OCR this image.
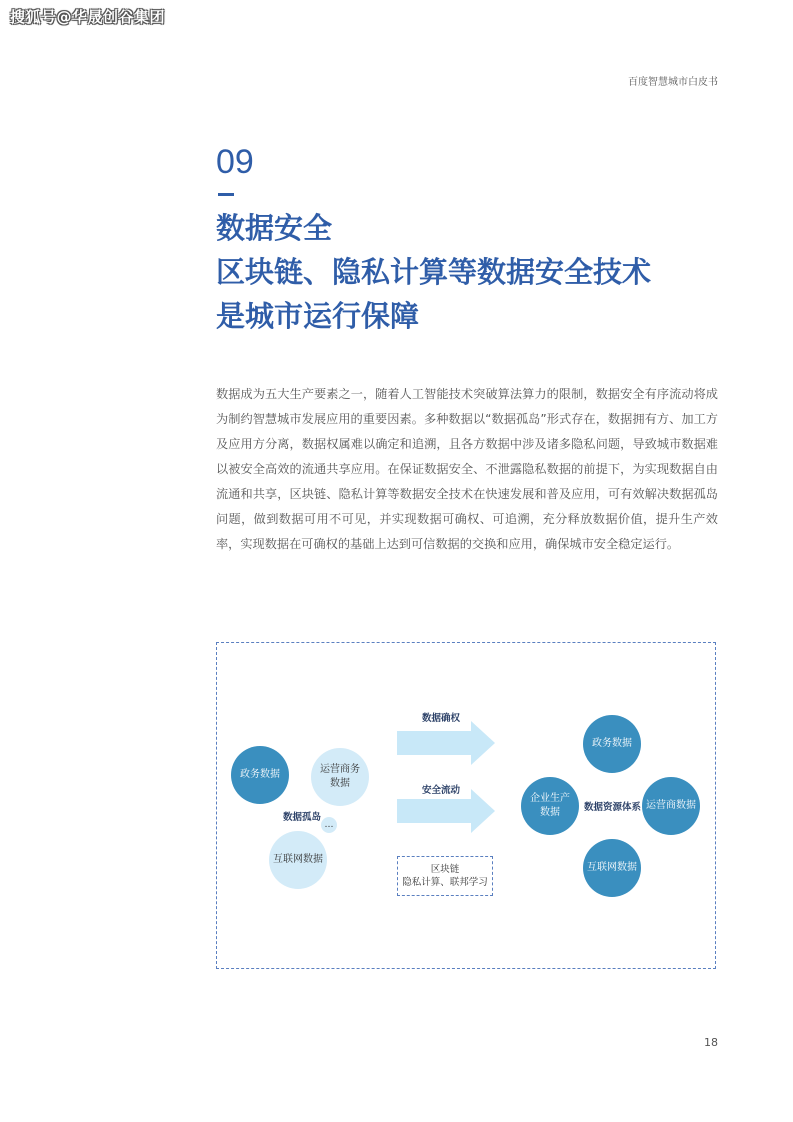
搜狐号@华晟创谷集团
百度智慧城市白皮书
09
数据安全
区块链、隐私计算等数据安全技术
是城市运行保障

数据成为五大生产要素之一，随着人工智能技术突破算法算力的限制，数据安全有序流动将成为制约智慧城市发展应用的重要因素。多种数据以“数据孤岛”形式存在，数据拥有方、加工方及应用方分离，数据权属难以确定和追溯，且各方数据中涉及诸多隐私问题，导致城市数据难以被安全高效的流通共享应用。在保证数据安全、不泄露隐私数据的前提下，为实现数据自由流通和共享，区块链、隐私计算等数据安全技术在快速发展和普及应用，可有效解决数据孤岛问题，做到数据可用不可见，并实现数据可确权、可追溯，充分释放数据价值，提升生产效率，实现数据在可确权的基础上达到可信数据的交换和应用，确保城市安全稳定运行。

政务数据	运营商务数据
数据孤岛
…
互联网数据
数据确权
安全流动
区块链
隐私计算、联邦学习
政务数据
企业生产数据	数据资源体系 运营商数据
互联网数据
18
